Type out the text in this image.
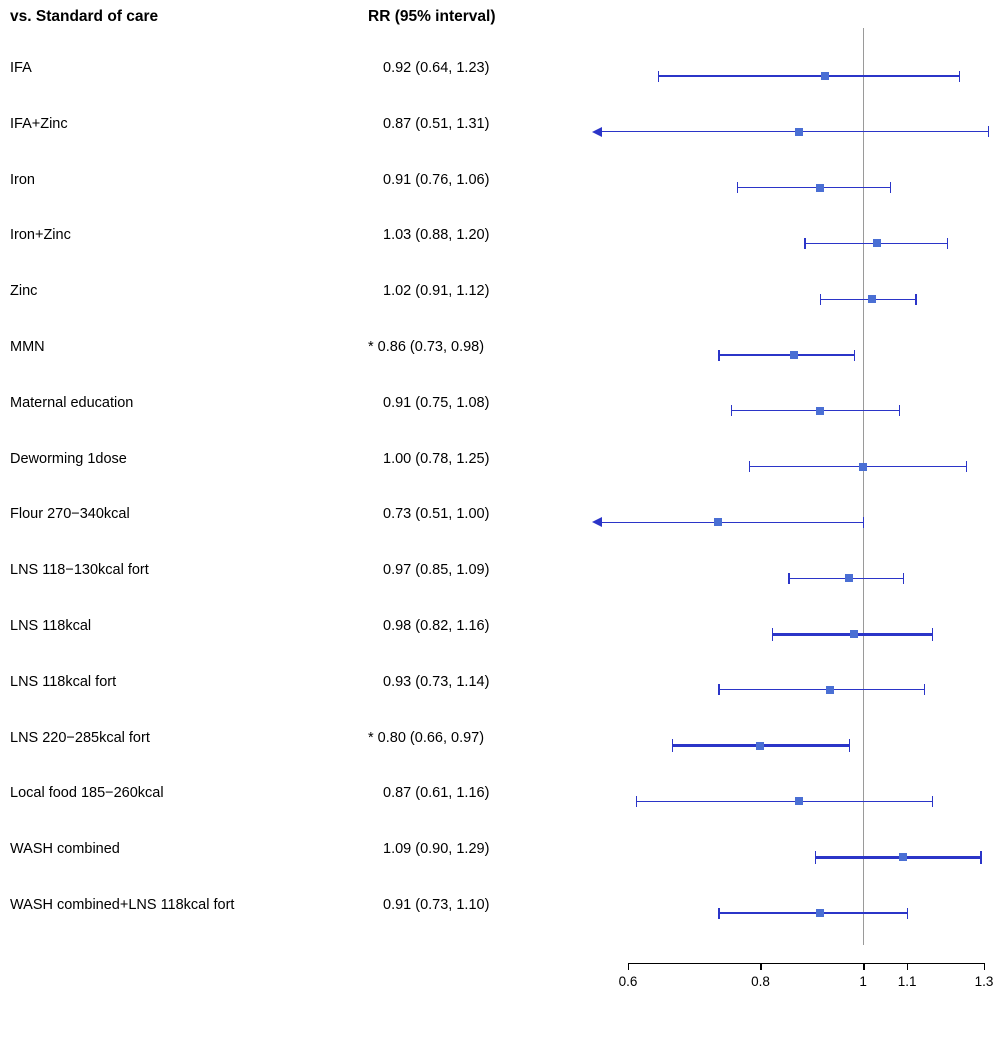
vs. Standard of care	RR (95% interval)
IFA	0.92 (0.64, 1.23)
IFA+Zinc	0.87 (0.51, 1.31)
Iron	0.91 (0.76, 1.06)
Iron+Zinc	1.03 (0.88, 1.20)
Zinc	1.02 (0.91, 1.12)
MMN	* 0.86 (0.73, 0.98)
Maternal education	0.91 (0.75, 1.08)
Deworming 1dose	1.00 (0.78, 1.25)
Flour 270−340kcal	0.73 (0.51, 1.00)
LNS 118−130kcal fort	0.97 (0.85, 1.09)
LNS 118kcal	0.98 (0.82, 1.16)
LNS 118kcal fort	0.93 (0.73, 1.14)
LNS 220−285kcal fort	* 0.80 (0.66, 0.97)
Local food 185−260kcal	0.87 (0.61, 1.16)
WASH combined	1.09 (0.90, 1.29)
WASH combined+LNS 118kcal fort	0.91 (0.73, 1.10)
0.6	0.8	1	1.1	1.3
